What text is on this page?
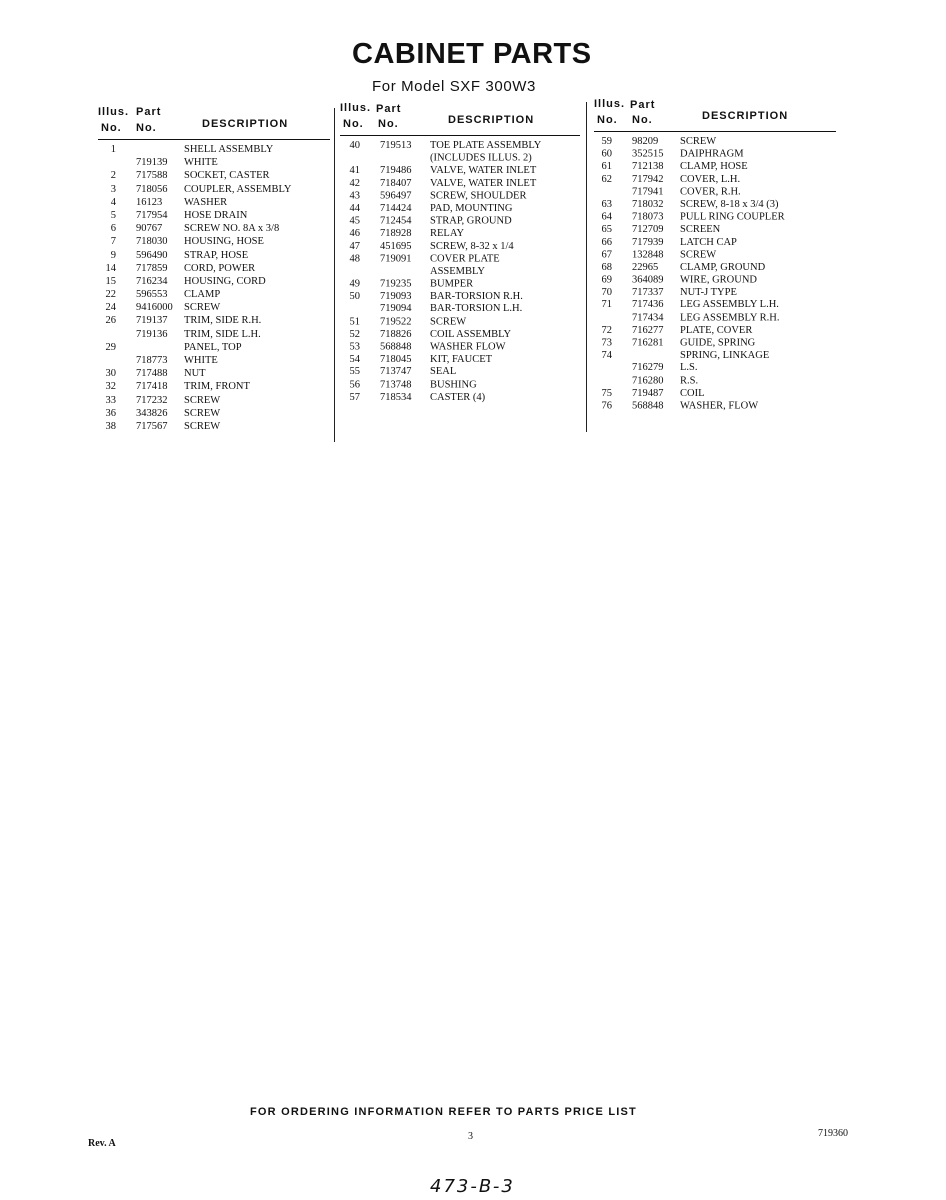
CABINET PARTS
For Model SXF 300W3
Illus. Part
No. No.	DESCRIPTION
1	SHELL ASSEMBLY
719139 WHITE
2 717588 SOCKET, CASTER
3 718056 COUPLER, ASSEMBLY
4 16123 WASHER
5 717954 HOSE DRAIN
6 90767 SCREW NO. 8A x 3/8
7 718030 HOUSING, HOSE
9 596490 STRAP, HOSE
14 717859 CORD, POWER
15 716234 HOUSING, CORD
22 596553 CLAMP
24 9416000 SCREW
26 719137 TRIM, SIDE R.H.
719136 TRIM, SIDE L.H.
29	PANEL, TOP
718773 WHITE
30 717488 NUT
32 717418 TRIM, FRONT
33 717232 SCREW
36 343826 SCREW
38 717567 SCREW
Illus. Part
No. No.	DESCRIPTION
40 719513 TOE PLATE ASSEMBLY
(INCLUDES ILLUS. 2)
41 719486 VALVE, WATER INLET
42 718407 VALVE, WATER INLET
43 596497 SCREW, SHOULDER
44 714424 PAD, MOUNTING
45 712454 STRAP, GROUND
46 718928 RELAY
47 451695 SCREW, 8-32 x 1/4
48 719091 COVER PLATE
ASSEMBLY
49 719235 BUMPER
50 719093 BAR-TORSION R.H.
719094 BAR-TORSION L.H.
51 719522 SCREW
52 718826 COIL ASSEMBLY
53 568848 WASHER FLOW
54 718045 KIT, FAUCET
55 713747 SEAL
56 713748 BUSHING
57 718534 CASTER (4)
Illus. Part
No. No.	DESCRIPTION
59 98209 SCREW
60 352515 DAIPHRAGM
61 712138 CLAMP, HOSE
62 717942 COVER, L.H.
717941 COVER, R.H.
63 718032 SCREW, 8-18 x 3/4 (3)
64 718073 PULL RING COUPLER
65 712709 SCREEN
66 717939 LATCH CAP
67 132848 SCREW
68 22965 CLAMP, GROUND
69 364089 WIRE, GROUND
70 717337 NUT-J TYPE
71 717436 LEG ASSEMBLY L.H.
717434 LEG ASSEMBLY R.H.
72 716277 PLATE, COVER
73 716281 GUIDE, SPRING
74	SPRING, LINKAGE
716279 L.S.
716280 R.S.
75 719487 COIL
76 568848 WASHER, FLOW
FOR ORDERING INFORMATION REFER TO PARTS PRICE LIST
Rev. A
3	719360
473-B-3
